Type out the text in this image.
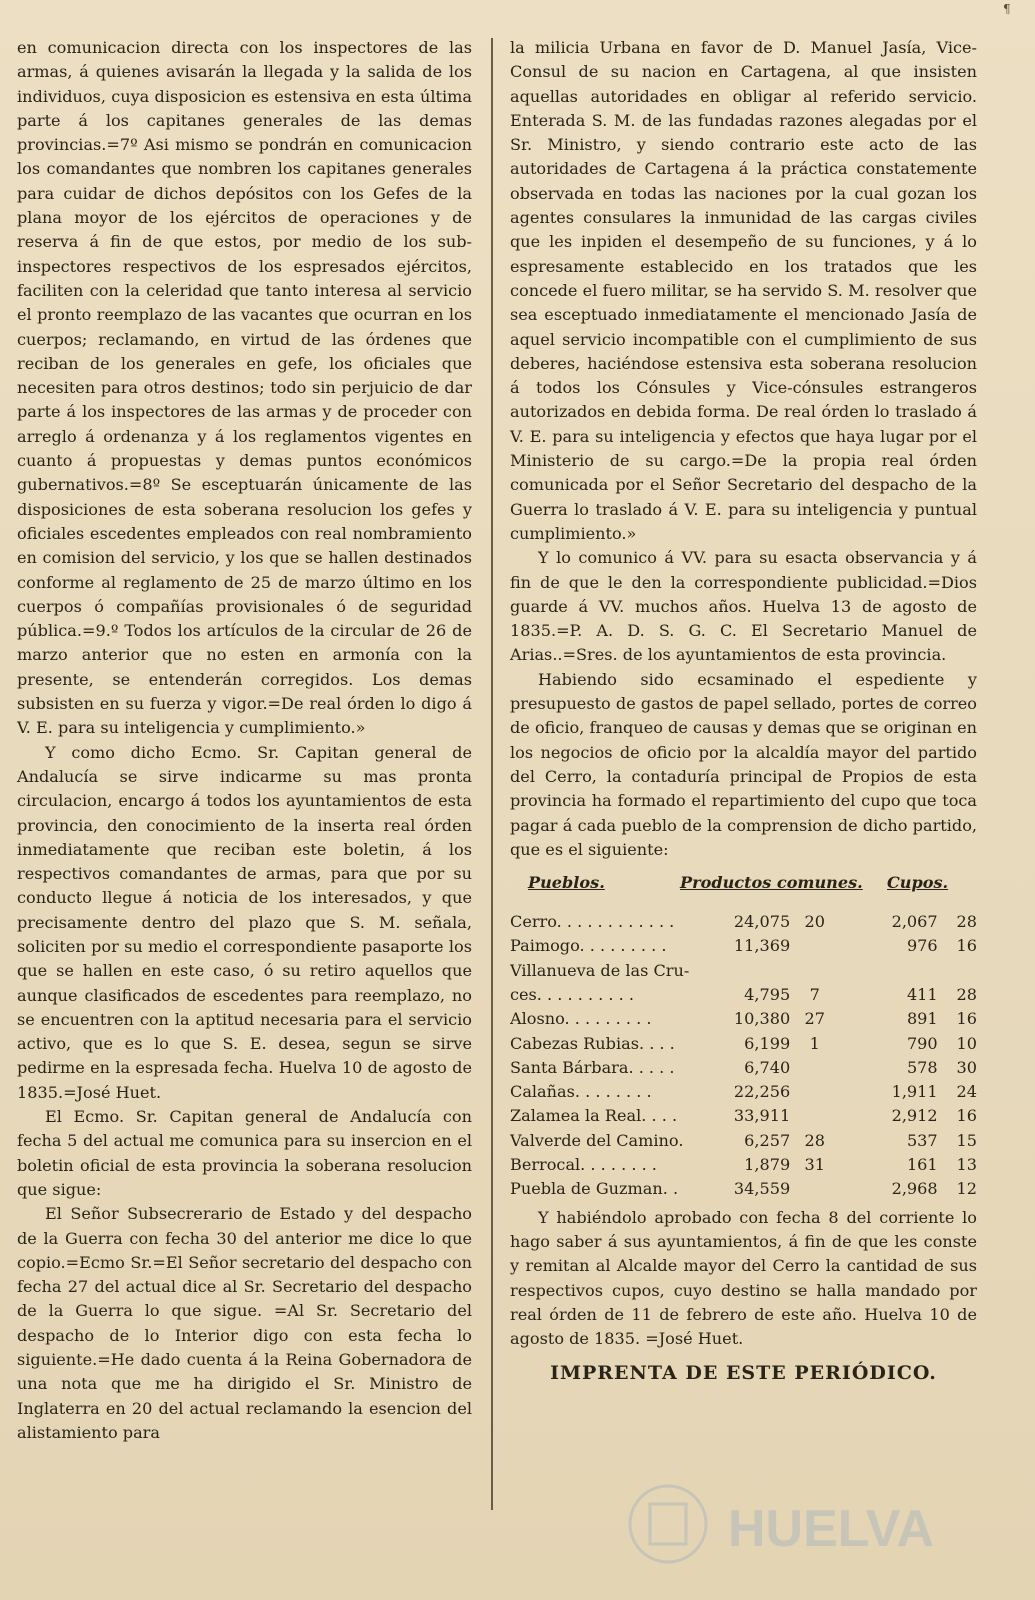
¶

en comunicacion directa con los inspectores de las armas, á quienes avisarán la llegada y la salida de los individuos, cuya disposicion es estensiva en esta última parte á los capitanes generales de las demas provincias.=7º Asi mismo se pondrán en comunicacion los comandantes que nombren los capitanes generales para cuidar de dichos depósitos con los Gefes de la plana moyor de los ejércitos de operaciones y de reserva á fin de que estos, por medio de los sub-inspectores respectivos de los espresados ejércitos, faciliten con la celeridad que tanto interesa al servicio el pronto reemplazo de las vacantes que ocurran en los cuerpos; reclamando, en virtud de las órdenes que reciban de los generales en gefe, los oficiales que necesiten para otros destinos; todo sin perjuicio de dar parte á los inspectores de las armas y de proceder con arreglo á ordenanza y á los reglamentos vigentes en cuanto á propuestas y demas puntos económicos gubernativos.=8º Se esceptuarán únicamente de las disposiciones de esta soberana resolucion los gefes y oficiales escedentes empleados con real nombramiento en comision del servicio, y los que se hallen destinados conforme al reglamento de 25 de marzo último en los cuerpos ó compañías provisionales ó de seguridad pública.=9.º Todos los artículos de la circular de 26 de marzo anterior que no esten en armonía con la presente, se entenderán corregidos. Los demas subsisten en su fuerza y vigor.=De real órden lo digo á V. E. para su inteligencia y cumplimiento.»

Y como dicho Ecmo. Sr. Capitan general de Andalucía se sirve indicarme su mas pronta circulacion, encargo á todos los ayuntamientos de esta provincia, den conocimiento de la inserta real órden inmediatamente que reciban este boletin, á los respectivos comandantes de armas, para que por su conducto llegue á noticia de los interesados, y que precisamente dentro del plazo que S. M. señala, soliciten por su medio el correspondiente pasaporte los que se hallen en este caso, ó su retiro aquellos que aunque clasificados de escedentes para reemplazo, no se encuentren con la aptitud necesaria para el servicio activo, que es lo que S. E. desea, segun se sirve pedirme en la espresada fecha. Huelva 10 de agosto de 1835.=José Huet.

El Ecmo. Sr. Capitan general de Andalucía con fecha 5 del actual me comunica para su insercion en el boletin oficial de esta provincia la soberana resolucion que sigue:

El Señor Subsecrerario de Estado y del despacho de la Guerra con fecha 30 del anterior me dice lo que copio.=Ecmo Sr.=El Señor secretario del despacho con fecha 27 del actual dice al Sr. Secretario del despacho de la Guerra lo que sigue. =Al Sr. Secretario del despacho de lo Interior digo con esta fecha lo siguiente.=He dado cuenta á la Reina Gobernadora de una nota que me ha dirigido el Sr. Ministro de Inglaterra en 20 del actual reclamando la esencion del alistamiento para

la milicia Urbana en favor de D. Manuel Jasía, Vice-Consul de su nacion en Cartagena, al que insisten aquellas autoridades en obligar al referido servicio. Enterada S. M. de las fundadas razones alegadas por el Sr. Ministro, y siendo contrario este acto de las autoridades de Cartagena á la práctica constatemente observada en todas las naciones por la cual gozan los agentes consulares la inmunidad de las cargas civiles que les inpiden el desempeño de su funciones, y á lo espresamente establecido en los tratados que les concede el fuero militar, se ha servido S. M. resolver que sea esceptuado inmediatamente el mencionado Jasía de aquel servicio incompatible con el cumplimiento de sus deberes, haciéndose estensiva esta soberana resolucion á todos los Cónsules y Vice-cónsules estrangeros autorizados en debida forma. De real órden lo traslado á V. E. para su inteligencia y efectos que haya lugar por el Ministerio de su cargo.=De la propia real órden comunicada por el Señor Secretario del despacho de la Guerra lo traslado á V. E. para su inteligencia y puntual cumplimiento.»

Y lo comunico á VV. para su esacta observancia y á fin de que le den la correspondiente publicidad.=Dios guarde á VV. muchos años. Huelva 13 de agosto de 1835.=P. A. D. S. G. C. El Secretario Manuel de Arias..=Sres. de los ayuntamientos de esta provincia.

Habiendo sido ecsaminado el espediente y presupuesto de gastos de papel sellado, portes de correo de oficio, franqueo de causas y demas que se originan en los negocios de oficio por la alcaldía mayor del partido del Cerro, la contaduría principal de Propios de esta provincia ha formado el repartimiento del cupo que toca pagar á cada pueblo de la comprension de dicho partido, que es el siguiente:

Pueblos.	Productos comunes.	Cupos.
Cerro. . . . . . . . . . . .	24,075 20	2,067	28
Paimogo. . . . . . . . .	11,369	976	16
Villanueva de las Cru-
ces. . . . . . . . . .	4,795	7	411	28
Alosno. . . . . . . . .	10,380 27	891	16
Cabezas Rubias. . . .	6,199	1	790	10
Santa Bárbara. . . . .	6,740	578	30
Calañas. . . . . . . .	22,256	1,911	24
Zalamea la Real. . . .	33,911	2,912	16
Valverde del Camino.	6,257 28	537	15
Berrocal. . . . . . . .	1,879 31	161	13
Puebla de Guzman. .	34,559	2,968	12

Y habiéndolo aprobado con fecha 8 del corriente lo hago saber á sus ayuntamientos, á fin de que les conste y remitan al Alcalde mayor del Cerro la cantidad de sus respectivos cupos, cuyo destino se halla mandado por real órden de 11 de febrero de este año. Huelva 10 de agosto de 1835. =José Huet.

IMPRENTA DE ESTE PERIÓDICO.
HUELVA
